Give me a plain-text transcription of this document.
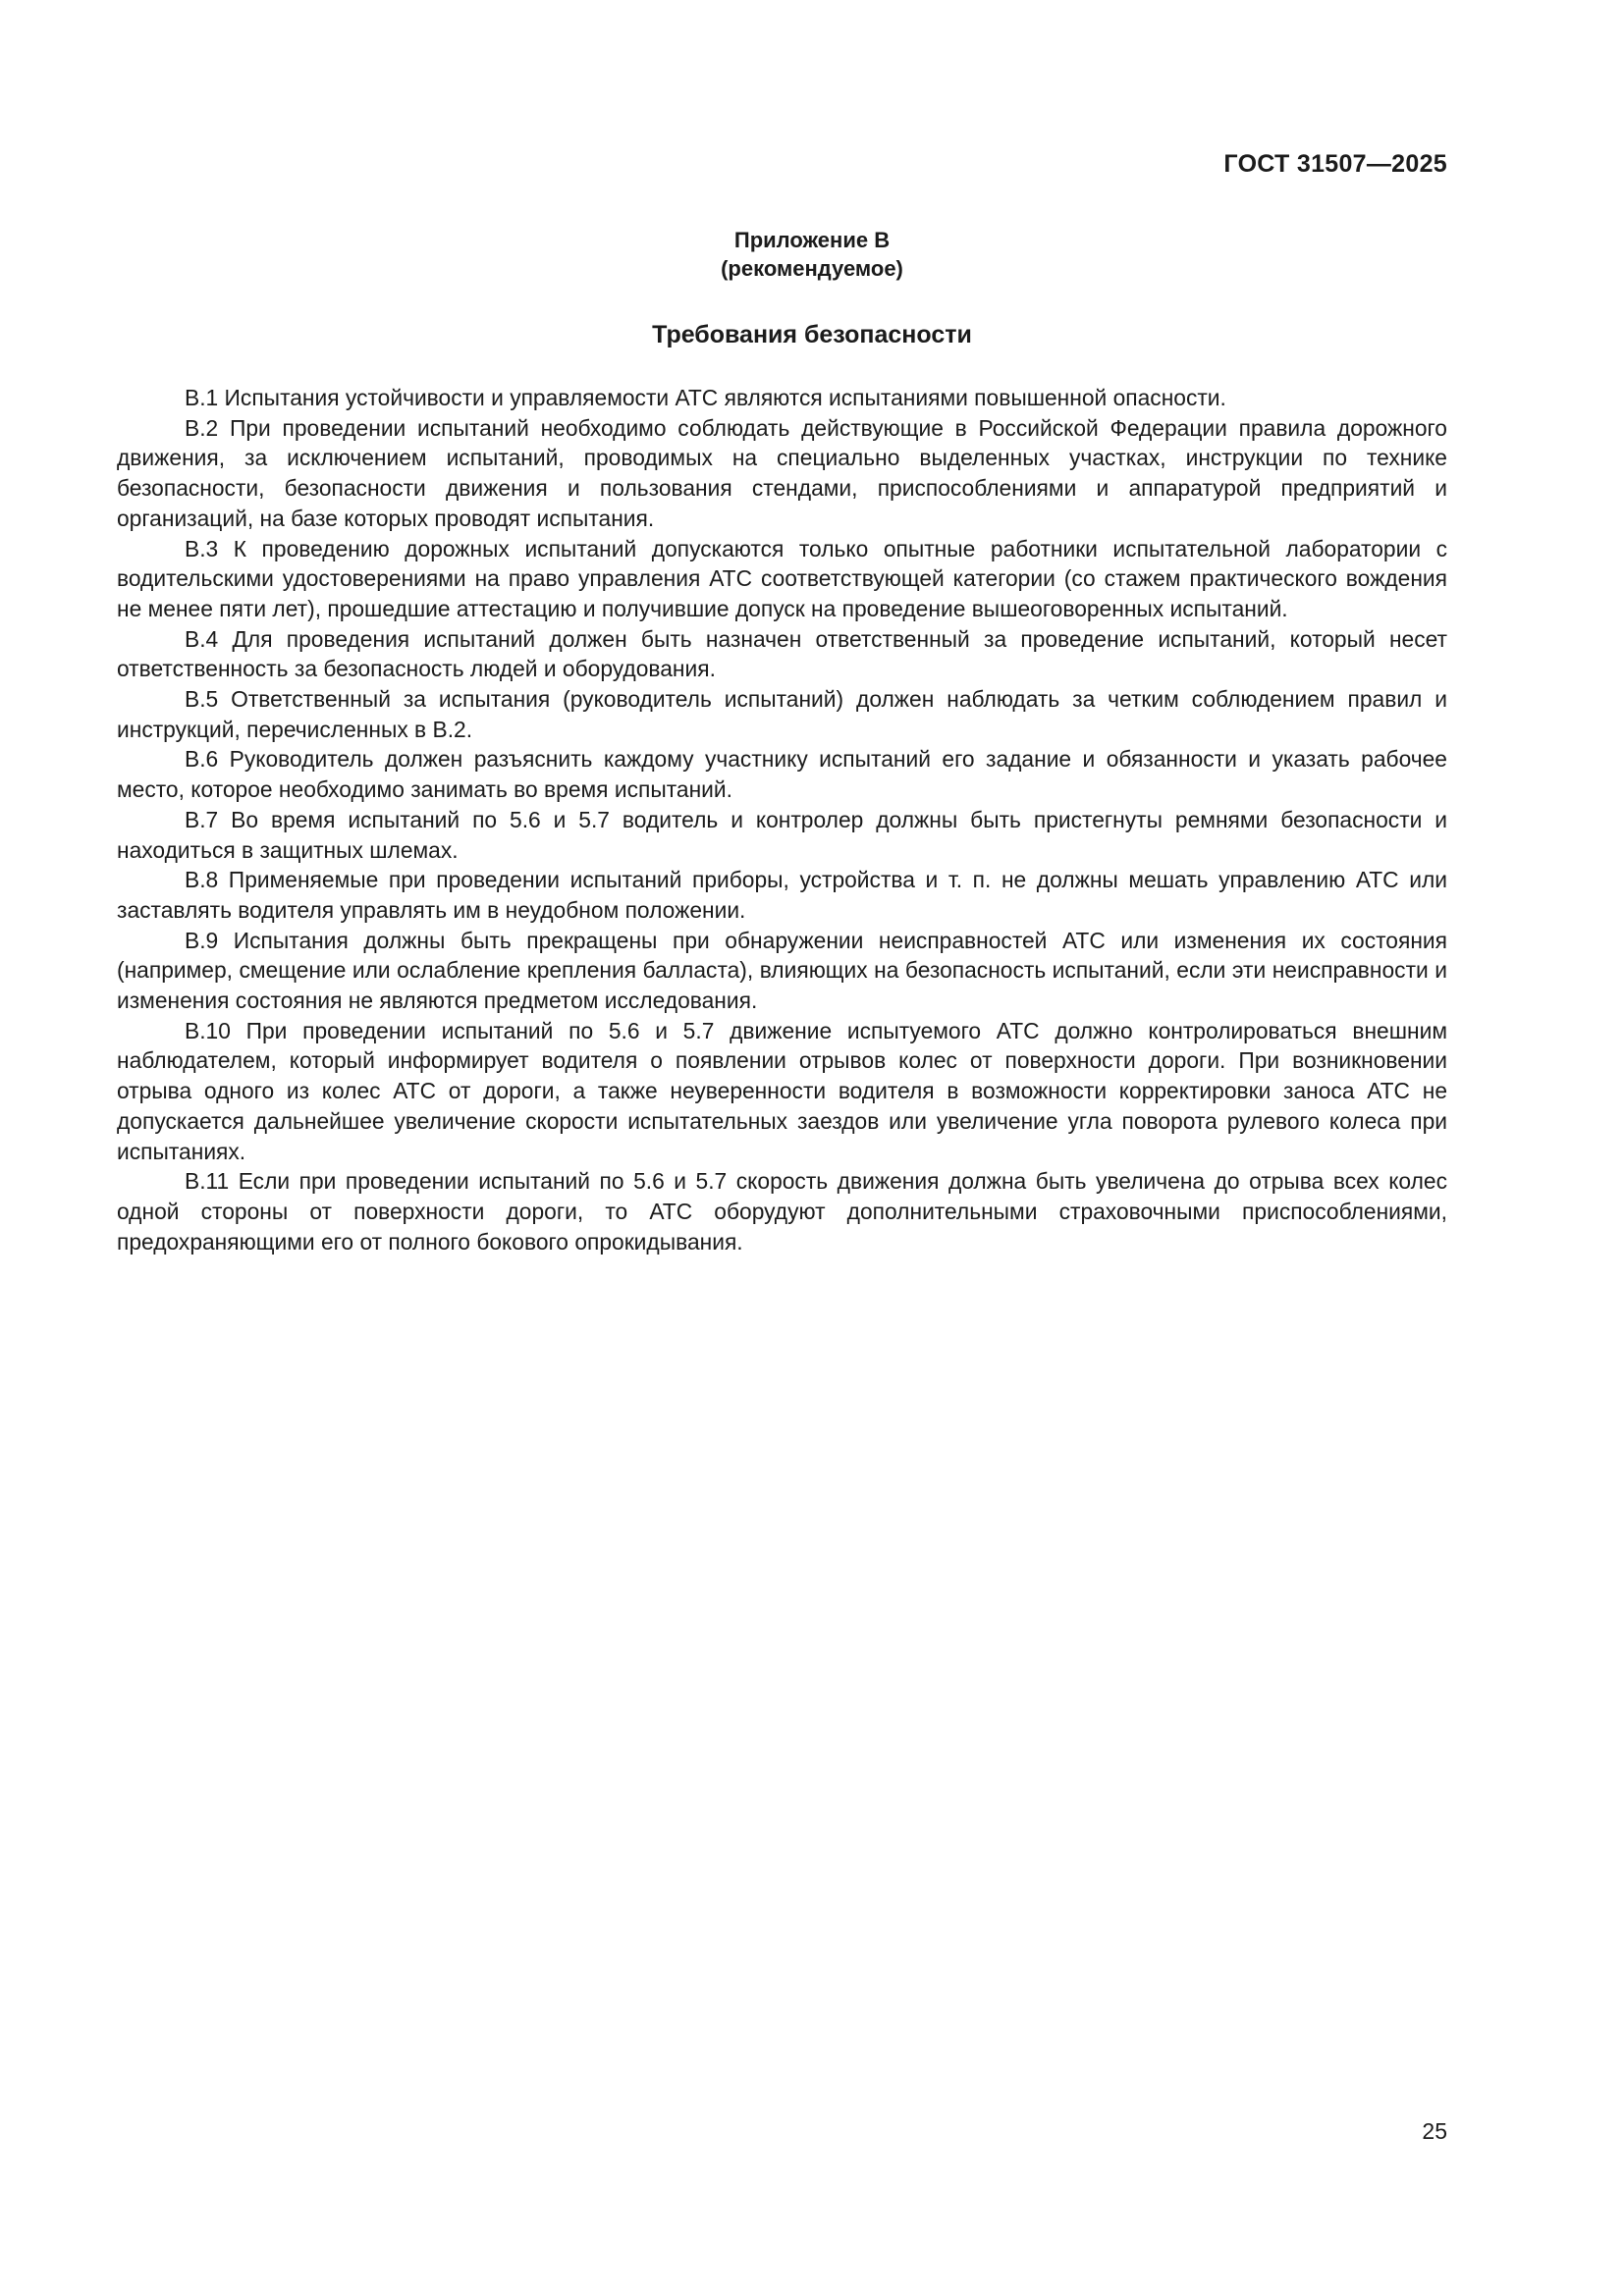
ГОСТ 31507—2025
Приложение В
(рекомендуемое)
Требования безопасности

В.1 Испытания устойчивости и управляемости АТС являются испытаниями повышенной опасности.

В.2 При проведении испытаний необходимо соблюдать действующие в Российской Федерации правила дорожного движения, за исключением испытаний, проводимых на специально выделенных участках, инструкции по технике безопасности, безопасности движения и пользования стендами, приспособлениями и аппаратурой предприятий и организаций, на базе которых проводят испытания.

В.3 К проведению дорожных испытаний допускаются только опытные работники испытательной лаборатории с водительскими удостоверениями на право управления АТС соответствующей категории (со стажем практического вождения не менее пяти лет), прошедшие аттестацию и получившие допуск на проведение вышеоговоренных испытаний.

В.4 Для проведения испытаний должен быть назначен ответственный за проведение испытаний, который несет ответственность за безопасность людей и оборудования.

В.5 Ответственный за испытания (руководитель испытаний) должен наблюдать за четким соблюдением правил и инструкций, перечисленных в В.2.

В.6 Руководитель должен разъяснить каждому участнику испытаний его задание и обязанности и указать рабочее место, которое необходимо занимать во время испытаний.

В.7 Во время испытаний по 5.6 и 5.7 водитель и контролер должны быть пристегнуты ремнями безопасности и находиться в защитных шлемах.

В.8 Применяемые при проведении испытаний приборы, устройства и т. п. не должны мешать управлению АТС или заставлять водителя управлять им в неудобном положении.

В.9 Испытания должны быть прекращены при обнаружении неисправностей АТС или изменения их состояния (например, смещение или ослабление крепления балласта), влияющих на безопасность испытаний, если эти неисправности и изменения состояния не являются предметом исследования.

В.10 При проведении испытаний по 5.6 и 5.7 движение испытуемого АТС должно контролироваться внешним наблюдателем, который информирует водителя о появлении отрывов колес от поверхности дороги. При возникновении отрыва одного из колес АТС от дороги, а также неуверенности водителя в возможности корректировки заноса АТС не допускается дальнейшее увеличение скорости испытательных заездов или увеличение угла поворота рулевого колеса при испытаниях.

В.11 Если при проведении испытаний по 5.6 и 5.7 скорость движения должна быть увеличена до отрыва всех колес одной стороны от поверхности дороги, то АТС оборудуют дополнительными страховочными приспособлениями, предохраняющими его от полного бокового опрокидывания.

25
